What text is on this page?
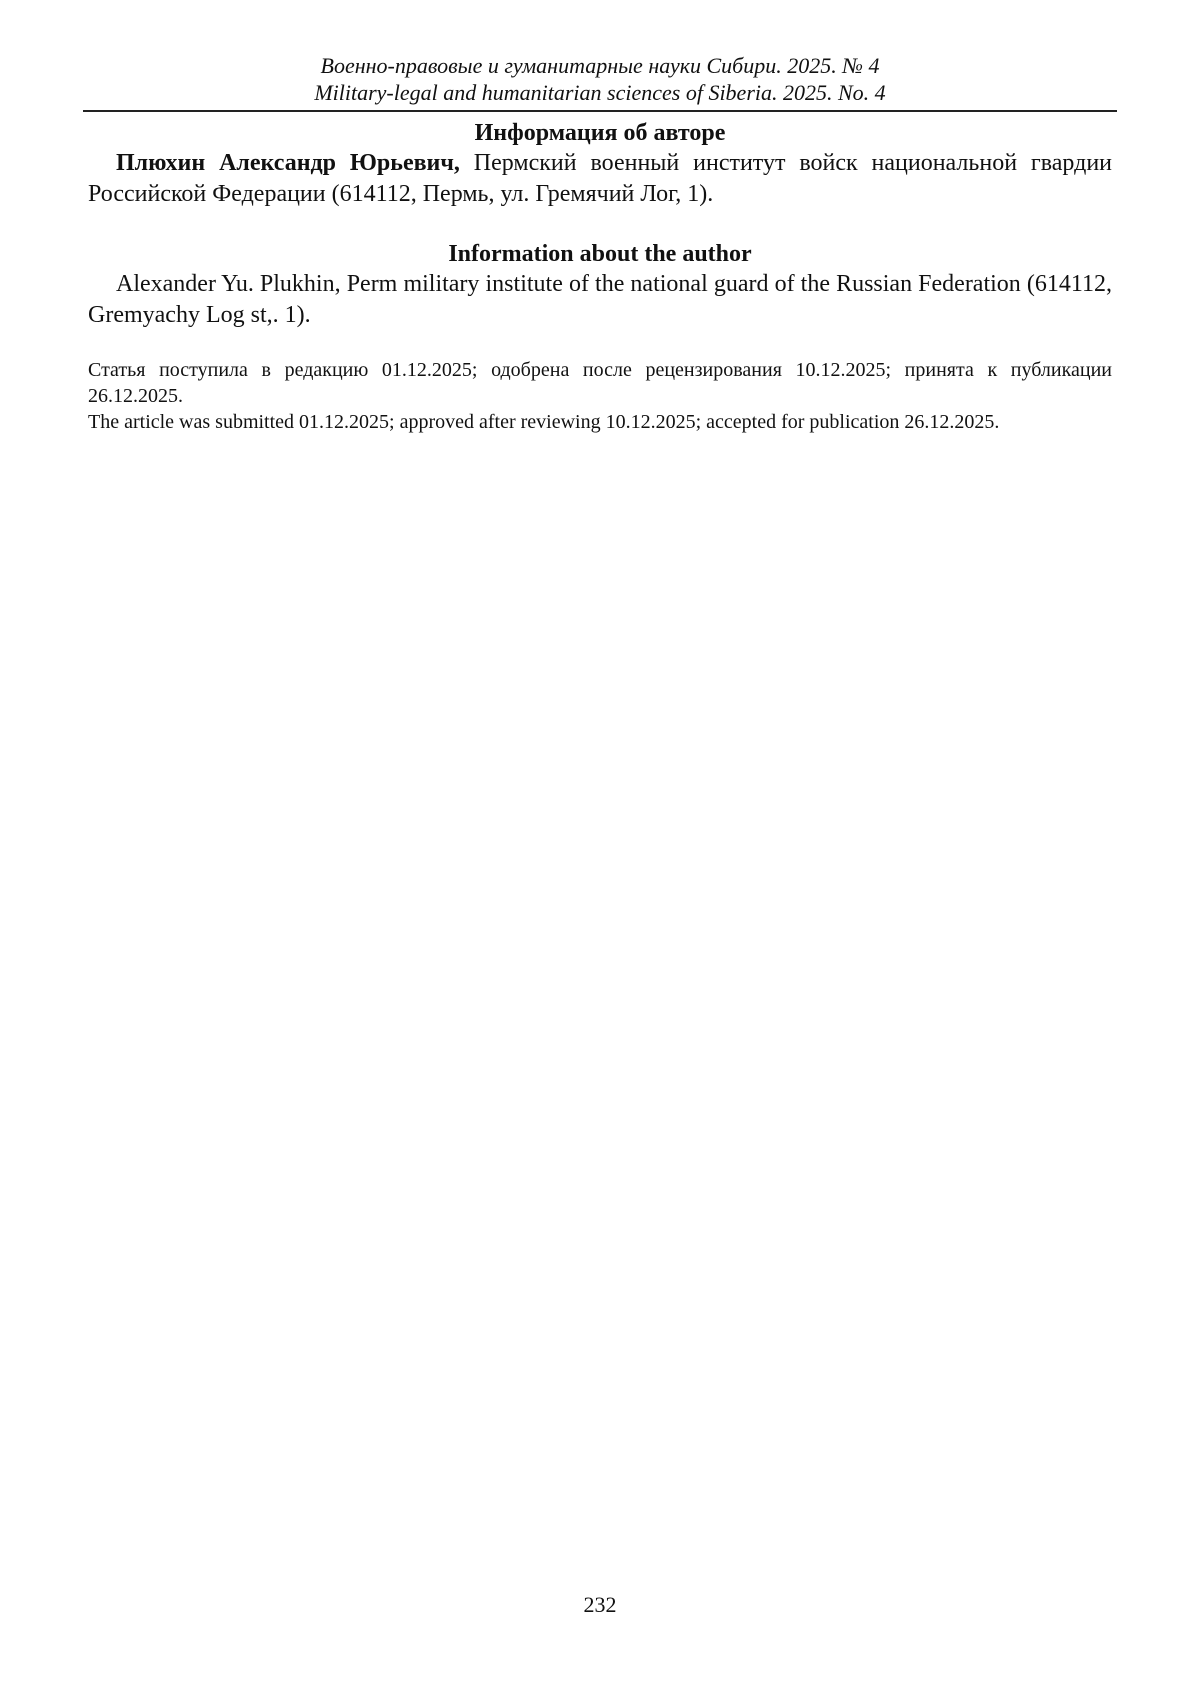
Военно-правовые и гуманитарные науки Сибири. 2025. № 4
Military-legal and humanitarian sciences of Siberia. 2025. No. 4
Информация об авторе

Плюхин Александр Юрьевич, Пермский военный институт войск национальной гвардии Российской Федерации (614112, Пермь, ул. Гремячий Лог, 1).

Information about the author

Alexander Yu. Plukhin, Perm military institute of the national guard of the Russian Federation (614112, Gremyachy Log st,. 1).

Статья поступила в редакцию 01.12.2025; одобрена после рецензирования 10.12.2025; принята к публикации 26.12.2025.

The article was submitted 01.12.2025; approved after reviewing 10.12.2025; accepted for publication 26.12.2025.

232
